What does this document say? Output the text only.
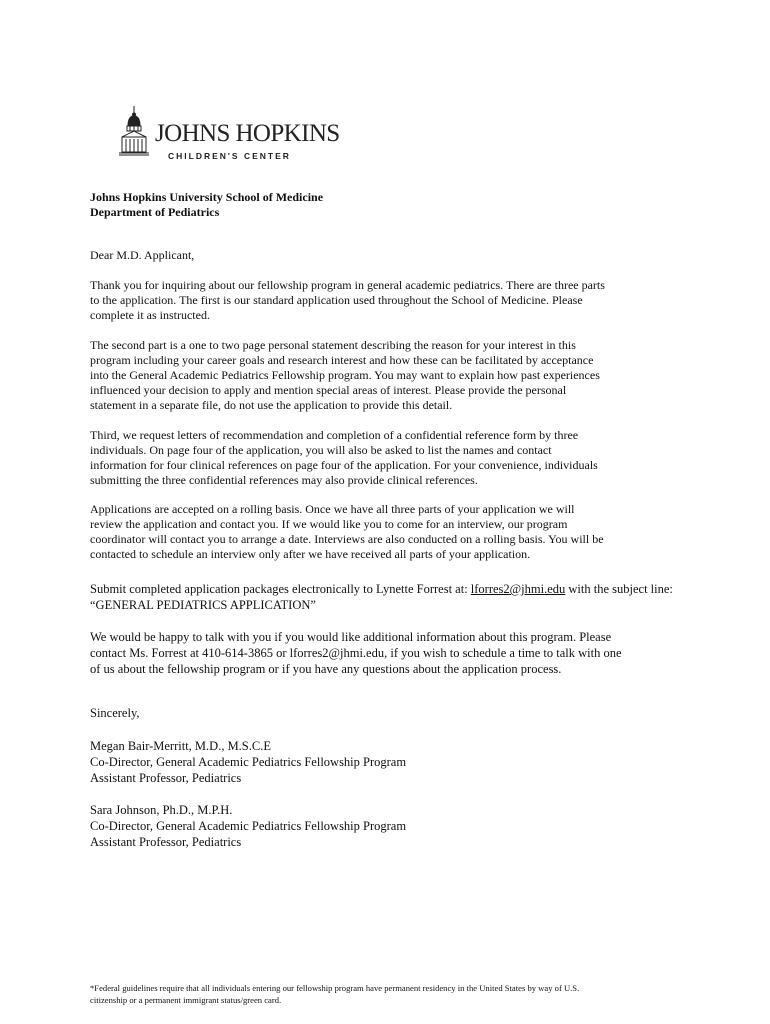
JOHNS HOPKINS
CHILDREN'S CENTER
Johns Hopkins University School of Medicine
Department of Pediatrics
Dear M.D. Applicant,
Thank you for inquiring about our fellowship program in general academic pediatrics. There are three parts
to the application. The first is our standard application used throughout the School of Medicine. Please
complete it as instructed.
The second part is a one to two page personal statement describing the reason for your interest in this
program including your career goals and research interest and how these can be facilitated by acceptance
into the General Academic Pediatrics Fellowship program. You may want to explain how past experiences
influenced your decision to apply and mention special areas of interest. Please provide the personal
statement in a separate file, do not use the application to provide this detail.
Third, we request letters of recommendation and completion of a confidential reference form by three
individuals. On page four of the application, you will also be asked to list the names and contact
information for four clinical references on page four of the application. For your convenience, individuals
submitting the three confidential references may also provide clinical references.
Applications are accepted on a rolling basis. Once we have all three parts of your application we will
review the application and contact you. If we would like you to come for an interview, our program
coordinator will contact you to arrange a date. Interviews are also conducted on a rolling basis. You will be
contacted to schedule an interview only after we have received all parts of your application.
Submit completed application packages electronically to Lynette Forrest at: lforres2@jhmi.edu with the subject line:
“GENERAL PEDIATRICS APPLICATION”
We would be happy to talk with you if you would like additional information about this program. Please
contact Ms. Forrest at 410-614-3865 or lforres2@jhmi.edu, if you wish to schedule a time to talk with one
of us about the fellowship program or if you have any questions about the application process.
Sincerely,
Megan Bair-Merritt, M.D., M.S.C.E
Co-Director, General Academic Pediatrics Fellowship Program
Assistant Professor, Pediatrics
Sara Johnson, Ph.D., M.P.H.
Co-Director, General Academic Pediatrics Fellowship Program
Assistant Professor, Pediatrics
*Federal guidelines require that all individuals entering our fellowship program have permanent residency in the United States by way of U.S.
citizenship or a permanent immigrant status/green card.
